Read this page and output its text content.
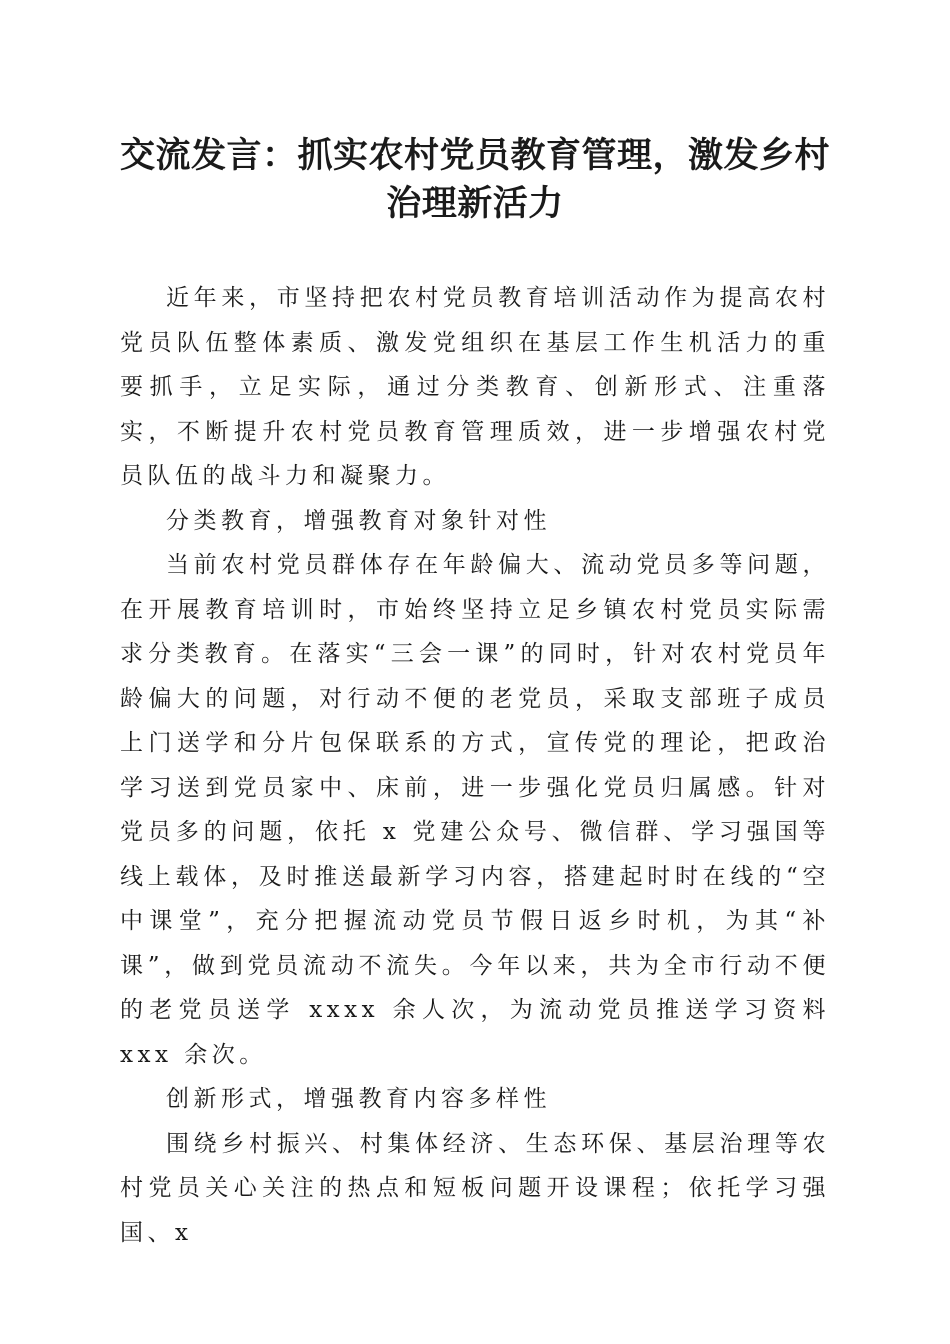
交流发言：抓实农村党员教育管理，激发乡村治理新活力

近年来，市坚持把农村党员教育培训活动作为提高农村党员队伍整体素质、激发党组织在基层工作生机活力的重要抓手，立足实际，通过分类教育、创新形式、注重落实，不断提升农村党员教育管理质效，进一步增强农村党员队伍的战斗力和凝聚力。

分类教育，增强教育对象针对性

当前农村党员群体存在年龄偏大、流动党员多等问题，在开展教育培训时，市始终坚持立足乡镇农村党员实际需求分类教育。在落实“三会一课”的同时，针对农村党员年龄偏大的问题，对行动不便的老党员，采取支部班子成员上门送学和分片包保联系的方式，宣传党的理论，把政治学习送到党员家中、床前，进一步强化党员归属感。针对党员多的问题，依托 x 党建公众号、微信群、学习强国等线上载体，及时推送最新学习内容，搭建起时时在线的“空中课堂”，充分把握流动党员节假日返乡时机，为其“补课”，做到党员流动不流失。今年以来，共为全市行动不便的老党员送学 xxxx 余人次，为流动党员推送学习资料 xxx 余次。

创新形式，增强教育内容多样性

围绕乡村振兴、村集体经济、生态环保、基层治理等农村党员关心关注的热点和短板问题开设课程；依托学习强国、x
